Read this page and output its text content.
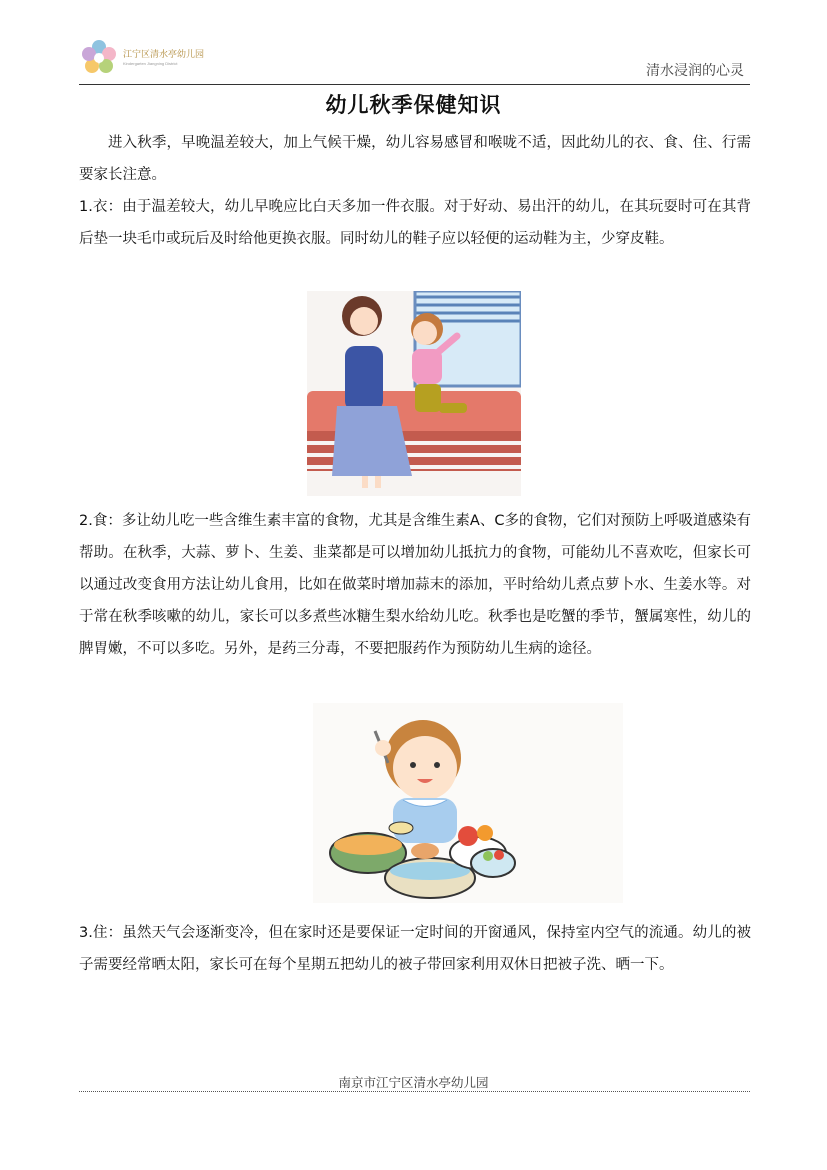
江宁区清水亭幼儿园
Kindergarten Jiangning District	清水浸润的心灵
幼儿秋季保健知识
进入秋季，早晚温差较大，加上气候干燥，幼儿容易感冒和喉咙不适，因此幼儿的衣、食、住、行需要家长注意。
1.衣：由于温差较大，幼儿早晚应比白天多加一件衣服。对于好动、易出汗的幼儿，在其玩耍时可在其背后垫一块毛巾或玩后及时给他更换衣服。同时幼儿的鞋子应以轻便的运动鞋为主，少穿皮鞋。
2.食：多让幼儿吃一些含维生素丰富的食物，尤其是含维生素A、C多的食物，它们对预防上呼吸道感染有帮助。在秋季，大蒜、萝卜、生姜、韭菜都是可以增加幼儿抵抗力的食物，可能幼儿不喜欢吃，但家长可以通过改变食用方法让幼儿食用，比如在做菜时增加蒜末的添加，平时给幼儿煮点萝卜水、生姜水等。对于常在秋季咳嗽的幼儿，家长可以多煮些冰糖生梨水给幼儿吃。秋季也是吃蟹的季节，蟹属寒性，幼儿的脾胃嫩，不可以多吃。另外，是药三分毒，不要把服药作为预防幼儿生病的途径。
3.住：虽然天气会逐渐变冷，但在家时还是要保证一定时间的开窗通风，保持室内空气的流通。幼儿的被子需要经常晒太阳，家长可在每个星期五把幼儿的被子带回家利用双休日把被子洗、晒一下。
南京市江宁区清水亭幼儿园
